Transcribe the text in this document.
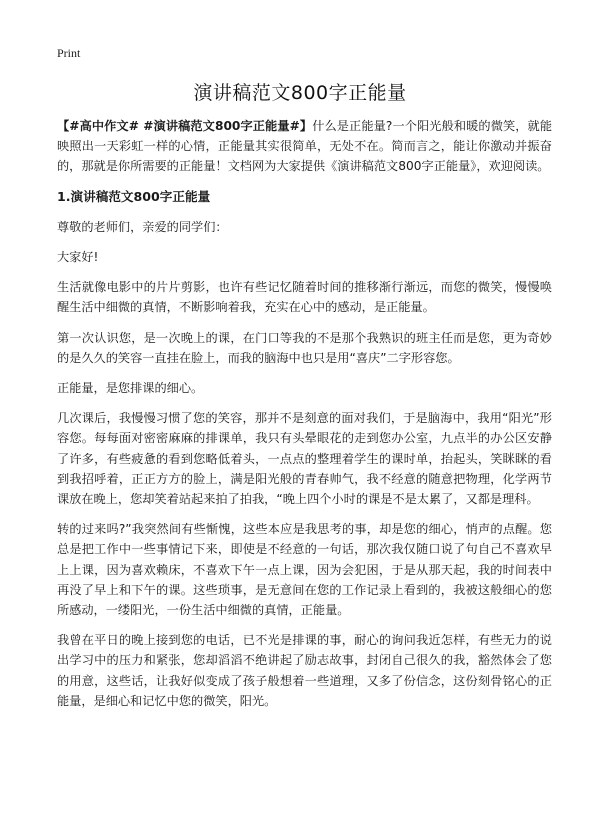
Print
演讲稿范文800字正能量

【#高中作文# #演讲稿范文800字正能量#】什么是正能量?一个阳光般和暖的微笑，就能映照出一天彩虹一样的心情，正能量其实很简单，无处不在。简而言之，能让你激动并振奋的，那就是你所需要的正能量！文档网为大家提供《演讲稿范文800字正能量》，欢迎阅读。

1.演讲稿范文800字正能量

尊敬的老师们，亲爱的同学们：

大家好!

生活就像电影中的片片剪影，也许有些记忆随着时间的推移渐行渐远，而您的微笑，慢慢唤醒生活中细微的真情，不断影响着我，充实在心中的感动，是正能量。

第一次认识您，是一次晚上的课，在门口等我的不是那个我熟识的班主任而是您，更为奇妙的是久久的笑容一直挂在脸上，而我的脑海中也只是用“喜庆”二字形容您。

正能量，是您排课的细心。

几次课后，我慢慢习惯了您的笑容，那并不是刻意的面对我们，于是脑海中，我用“阳光”形容您。每每面对密密麻麻的排课单，我只有头晕眼花的走到您办公室，九点半的办公区安静了许多，有些疲惫的看到您略低着头，一点点的整理着学生的课时单，抬起头，笑眯眯的看到我招呼着，正正方方的脸上，满是阳光般的青春帅气，我不经意的随意把物理，化学两节课放在晚上，您却笑着站起来拍了拍我，“晚上四个小时的课是不是太累了，又都是理科。

转的过来吗?”我突然间有些惭愧，这些本应是我思考的事，却是您的细心，悄声的点醒。您总是把工作中一些事情记下来，即使是不经意的一句话，那次我仅随口说了句自己不喜欢早上上课，因为喜欢赖床，不喜欢下午一点上课，因为会犯困，于是从那天起，我的时间表中再没了早上和下午的课。这些琐事，是无意间在您的工作记录上看到的，我被这般细心的您所感动，一缕阳光，一份生活中细微的真情，正能量。

我曾在平日的晚上接到您的电话，已不光是排课的事，耐心的询问我近怎样，有些无力的说出学习中的压力和紧张，您却滔滔不绝讲起了励志故事，封闭自己很久的我，豁然体会了您的用意，这些话，让我好似变成了孩子般想着一些道理，又多了份信念，这份刻骨铭心的正能量，是细心和记忆中您的微笑，阳光。
